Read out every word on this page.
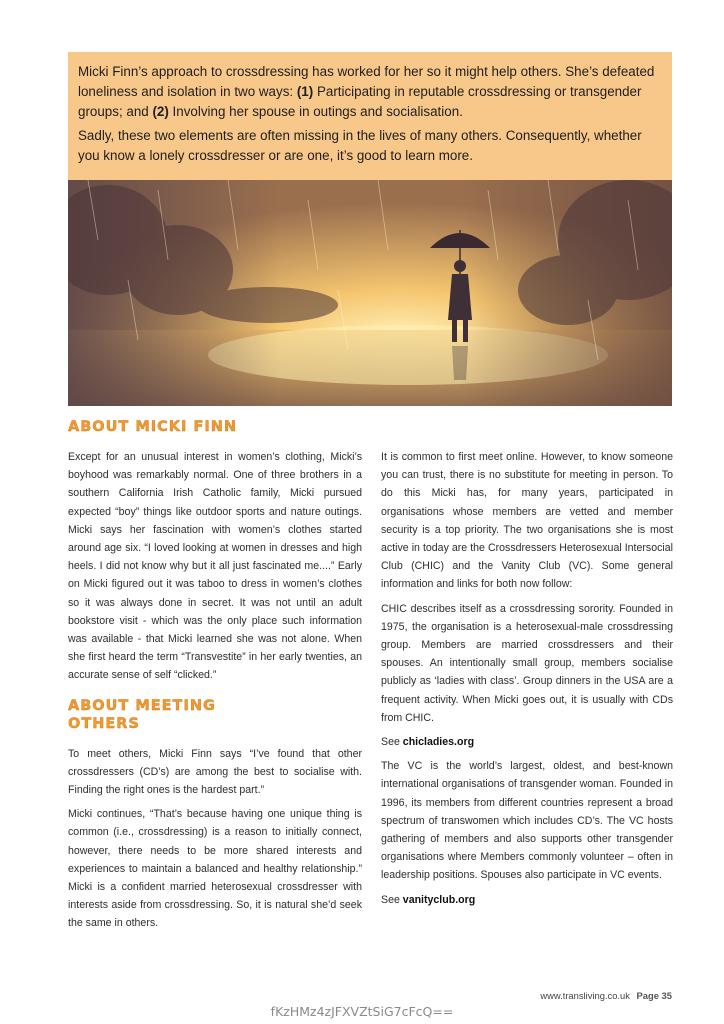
Micki Finn’s approach to crossdressing has worked for her so it might help others. She’s defeated loneliness and isolation in two ways: (1) Participating in reputable crossdressing or transgender groups; and (2) Involving her spouse in outings and socialisation.

Sadly, these two elements are often missing in the lives of many others. Consequently, whether you know a lonely crossdresser or are one, it’s good to learn more.

ABOUT MICKI FINN

Except for an unusual interest in women’s clothing, Micki’s boyhood was remarkably normal. One of three brothers in a southern California Irish Catholic family, Micki pursued expected “boy” things like outdoor sports and nature outings. Micki says her fascination with women’s clothes started around age six. “I loved looking at women in dresses and high heels. I did not know why but it all just fascinated me....” Early on Micki figured out it was taboo to dress in women’s clothes so it was always done in secret. It was not until an adult bookstore visit - which was the only place such information was available - that Micki learned she was not alone. When she first heard the term “Transvestite” in her early twenties, an accurate sense of self “clicked.”

ABOUT MEETING
OTHERS

To meet others, Micki Finn says “I’ve found that other crossdressers (CD’s) are among the best to socialise with. Finding the right ones is the hardest part.”

Micki continues, “That’s because having one unique thing is common (i.e., crossdressing) is a reason to initially connect, however, there needs to be more shared interests and experiences to maintain a balanced and healthy relationship.” Micki is a confident married heterosexual crossdresser with interests aside from crossdressing. So, it is natural she’d seek the same in others.

It is common to first meet online. However, to know someone you can trust, there is no substitute for meeting in person. To do this Micki has, for many years, participated in organisations whose members are vetted and member security is a top priority. The two organisations she is most active in today are the Crossdressers Heterosexual Intersocial Club (CHIC) and the Vanity Club (VC). Some general information and links for both now follow:

CHIC describes itself as a crossdressing sorority. Founded in 1975, the organisation is a heterosexual-male crossdressing group. Members are married crossdressers and their spouses. An intentionally small group, members socialise publicly as ‘ladies with class’. Group dinners in the USA are a frequent activity. When Micki goes out, it is usually with CDs from CHIC.

See chicladies.org

The VC is the world’s largest, oldest, and best-known international organisations of transgender woman. Founded in 1996, its members from different countries represent a broad spectrum of transwomen which includes CD’s. The VC hosts gathering of members and also supports other transgender organisations where Members commonly volunteer – often in leadership positions. Spouses also participate in VC events.

See vanityclub.org

www.transliving.co.uk Page 35
fKzHMz4zJFXVZtSiG7cFcQ==
